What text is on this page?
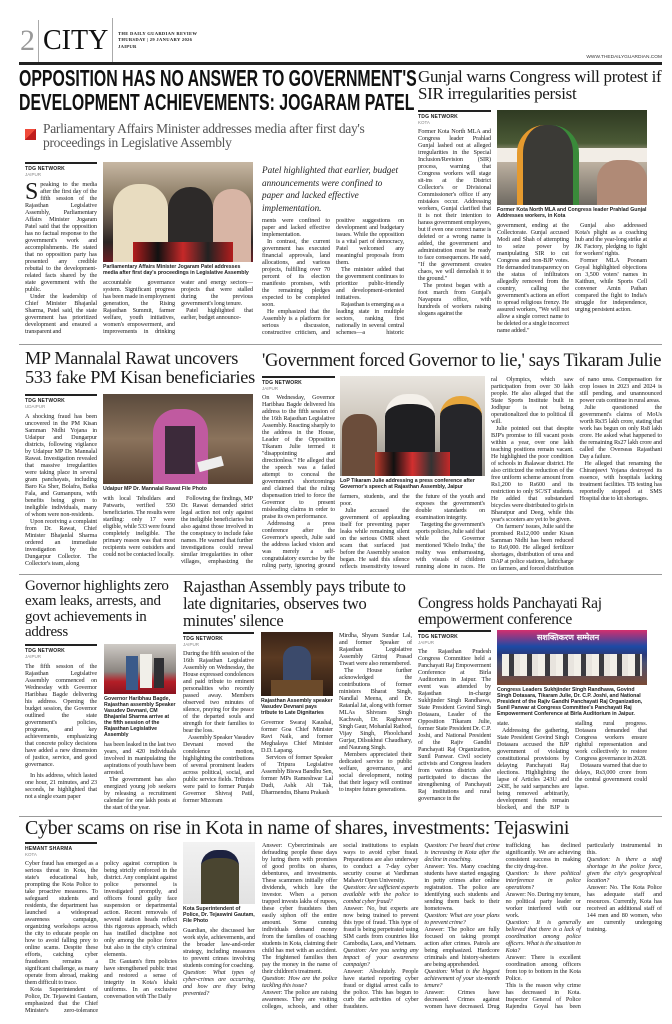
2 CITY THE DAILY GUARDIAN REVIEW
THURSDAY | 29 JANUARY 2026
JAIPUR
WWW.THEDAILYGUARDIAN.COM
OPPOSITION HAS NO ANSWER TO GOVERNMENT'S
DEVELOPMENT ACHIEVEMENTS: JOGARAM PATEL
Parliamentary Affairs Minister addresses media after first day's proceedings in Legislative Assembly
TDG NETWORK
JAIPUR

Speaking to the media after the first day of the fifth session of the Rajasthan Legislative Assembly, Parliamentary Affairs Minister Jogaram Patel said that the opposition has no factual response to the government's work and accomplishments. He stated that no opposition party has presented any credible rebuttal to the development-related facts shared by the state government with the public.

Under the leadership of Chief Minister Bhajanlal Sharma, Patel said, the state government has prioritized development and ensured a transparent and

Parliamentary Affairs Minister Jogaram Patel addresses media after first day's proceedings in Legislative Assembly

accountable governance system. Significant progress has been made in employment generation, the Rising Rajasthan Summit, farmer welfare, youth initiatives, women's empowerment, and improvements in drinking water and energy sectors—projects that were stalled during the previous government's long tenure.

Patel highlighted that earlier, budget announce-

Patel highlighted that earlier, budget announcements were confined to paper and lacked effective implementation.

ments were confined to paper and lacked effective implementation.

In contrast, the current government has executed financial approvals, land allocations, and various projects, fulfilling over 70 percent of its election manifesto promises, with the remaining pledges expected to be completed soon.

He emphasized that the Assembly is a platform for serious discussion, constructive criticism, and positive suggestions on development and budgetary issues. While the opposition is a vital part of democracy, Patel welcomed any meaningful proposals from them.

The minister added that the government continues to prioritize public-friendly and development-oriented initiatives.

Rajasthan is emerging as a leading state in multiple sectors, ranking first nationally in several central schemes—a historic

Gunjal warns Congress will protest if SIR irregularities persist
TDG NETWORK
KOTA

Former Kota North MLA and Congress leader Prahlad Gunjal lashed out at alleged irregularities in the Special Inclusion/Revision (SIR) process, warning that Congress workers will stage sit-ins at the District Collector's or Divisional Commissioner's office if any mistakes occur. Addressing workers, Gunjal clarified that it is not their intention to harass government employees, but if even one correct name is deleted or a wrong name is added, the government and administration must be ready to face consequences. He said, "If the government creates chaos, we will demolish it to the ground."

The protest began with a foot march from Gunjal's Nayapura office, with hundreds of workers raising slogans against the

Former Kota North MLA and Congress leader Prahlad Gunjal Addresses workers, in Kota

government, ending at the Collectorate. Gunjal accused Modi and Shah of attempting to seize power by manipulating SIR to cut Congress and non-BJP votes. He demanded transparency on the status of infiltrators allegedly removed from the country, calling the government's actions an effort to spread religious frenzy. He assured workers, "We will not allow a single correct name to be deleted or a single incorrect name added."

Gunjal also addressed Kota's plight as a coaching hub and the year-long strike at JK Factory, pledging to fight for workers' rights.

Former MLA Poonam Goyal highlighted objections on 3,500 voters' names in Kaithun, while Sports Cell convener Amin Pathan compared the fight to India's struggle for independence, urging persistent action.

MP Mannalal Rawat uncovers 533 fake PM Kisan beneficiaries
TDG NETWORK
UDAIPUR

A shocking fraud has been uncovered in the PM Kisan Samman Nidhi Yojana in Udaipur and Dungarpur districts, following vigilance by Udaipur MP Dr. Mannalal Rawat. Investigation revealed that massive irregularities were taking place in several gram panchayats, including Baro Ka Sher, Bolafra, Batka Fala, and Gumanpura, with benefits being given to ineligible individuals, many of whom were non-residents.

Upon receiving a complaint from Dr. Rawat, Chief Minister Bhajanlal Sharma ordered an immediate investigation by the Dungarpur Collector. The Collector's team, along

Udaipur MP Dr. Mannalal Rawat File Photo

with local Tehsildars and Patwaris, verified 550 beneficiaries. The results were startling: only 17 were eligible, while 533 were found completely ineligible. The primary reason was that most recipients were outsiders and could not be contacted locally.

Following the findings, MP Dr. Rawat demanded strict legal action not only against the ineligible beneficiaries but also against those involved in the conspiracy to include fake names. He warned that further investigations could reveal similar irregularities in other villages, emphasizing the

'Government forced Governor to lie,' says Tikaram Julie
TDG NETWORK
JAIPUR

On Wednesday, Governor Haribhau Bagde delivered his address to the fifth session of the 16th Rajasthan Legislative Assembly. Reacting sharply to the address in the House, Leader of the Opposition Tikaram Julie termed it "disappointing and directionless." He alleged that the speech was a failed attempt to conceal the government's shortcomings and claimed that the ruling dispensation tried to force the Governor to present misleading claims in order to praise its own performance.

Addressing a press conference after the Governor's speech, Julie said the address lacked vision and was merely a self-congratulatory exercise by the ruling party, ignoring ground

LoP Tikaram Julie addressing a press conference after Governor's speech at Rajasthan Assembly, Jaipur

farmers, students, and the poor.

Julie accused the government of applauding itself for preventing paper leaks while remaining silent on the serious OMR sheet scam that surfaced just before the Assembly session began. He said this silence reflects insensitivity toward the future of the youth and exposes the government's double standards on examination integrity.

Targeting the government's sports policies, Julie said that while the Governor mentioned 'Khelo India,' the reality was embarrassing, with visuals of children running alone in races. He

ral Olympics, which saw participation from over 30 lakh people. He also alleged that the State Sports Institute built in Jodhpur is not being operationalized due to political ill will.

Julie pointed out that despite BJP's promise to fill vacant posts within a year, over one lakh teaching positions remain vacant. He highlighted the poor condition of schools in Jhalawar district. He also criticized the reduction of the free uniform scheme amount from Rs1,200 to Rs600 and its restriction to only SC/ST students. He added that substandard bicycles were distributed to girls in Bharatpur and Deeg, while this year's scooters are yet to be given.

On farmers' issues, Julie said the promised Rs12,000 under Kisan Samman Nidhi has been reduced to Rs9,000. He alleged fertilizer shortages, distribution of urea and DAP at police stations, lathicharge on farmers, and forced distribution of nano urea. Compensation for crop losses in 2023 and 2024 is still pending, and unannounced power cuts continue in rural areas.

Julie questioned the government's claims of MoUs worth Rs35 lakh crore, stating that work has begun on only Rs8 lakh crore. He asked what happened to the remaining Rs27 lakh crore and called the Overseas Rajasthani Day a failure.

He alleged that renaming the Chiranjeevi Yojana destroyed its essence, with hospitals lacking treatment facilities. TB testing has reportedly stopped at SMS Hospital due to kit shortages.

Governor highlights zero exam leaks, arrests, and govt achievements in address
TDG NETWORK
JAIPUR

The fifth session of the Rajasthan Legislative Assembly commenced on Wednesday with Governor Haribhau Bagde delivering his address. Opening the budget session, the Governor outlined the state government's policies, programs, and key achievements, emphasizing that concrete policy decisions have added a new dimension of justice, service, and good governance.

In his address, which lasted one hour, 21 minutes, and 23 seconds, he highlighted that not a single exam paper

Governor Haribhau Bagde, Rajasthan assembly Speaker Vasudev Devnani, CM Bhajanlal Sharma arrive at the fifth session of the Rajasthan Legislative Assembly

has been leaked in the last two years, and 420 individuals involved in manipulating the aspirations of youth have been arrested.

The government has also energized young job seekers by releasing a recruitment calendar for one lakh posts at the start of the year.

Rajasthan Assembly pays tribute to late dignitaries, observes two minutes' silence
TDG NETWORK
JAIPUR

During the fifth session of the 16th Rajasthan Legislative Assembly on Wednesday, the House expressed condolences and paid tribute to eminent personalities who recently passed away. Members observed two minutes of silence, praying for the peace of the departed souls and strength for their families to bear the loss.

Assembly Speaker Vasudev Devnani moved the condolence motion, highlighting the contributions of several prominent leaders across political, social, and public service fields. Tributes were paid to former Punjab Governor Shivraj Patil, former Mizoram

Rajasthan Assembly speaker Vasudev Devnani pays tribute to Late Dignitaries

Governor Swaraj Kaushal, former Goa Chief Minister Ravi Naik, and former Meghalaya Chief Minister D.D. Lapang.

Services of former Speaker of Tripura Legislative Assembly Biswa Bandhu Sen, former MPs Rameshwar Lal Dudi, Ashk Ali Tak, Dharmendra, Bhanu Prakash

Mirdha, Shyam Sundar Lal, and former Speaker of Rajasthan Legislative Assembly Giriraj Prasad Tiwari were also remembered.

The House further acknowledged the contributions of former ministers Bharat Singh, Nandlal Meena, and Dr. Ratanlal Jat, along with former MLAs Shivram Singh Kachwah, Dr. Raghuveer Singh Gaur, Mohanlal Rathod, Vijay Singh, Phoolchand Gurjar, Dilsukhrai Chaudhary, and Naurang Singh.

Members appreciated their dedicated service to public welfare, governance, and social development, noting that their legacy will continue to inspire future generations.

Congress holds Panchayati Raj empowerment conference
TDG NETWORK
JAIPUR

The Rajasthan Pradesh Congress Committee held a Panchayati Raj Empowerment Conference at Birla Auditorium in Jaipur. The event was attended by Rajasthan in-charge Sukhjinder Singh Randhawa, State President Govind Singh Dotasara, Leader of the Opposition Tikaram Julie, former State President Dr. C.P. Joshi, and National President of the Rajiv Gandhi Panchayati Raj Organization, Sunil Panwar. Civil society activists and Congress leaders from various districts also participated to discuss the strengthening of Panchayati Raj institutions and rural governance in the

सशक्तिकरण सम्मेलन
Congress Leaders Sukhjinder Singh Randhawa, Govind Singh Dotasara, Tikaram Julie, Dr. C.P. Joshi, and National President of the Rajiv Gandhi Panchayati Raj Organization, Sunil Panwar at Congress Committee's Panchayati Raj Empowerment Conference at Birla Auditorium in Jaipur.

state.

Addressing the gathering, State President Govind Singh Dotasara accused the BJP government of violating constitutional provisions by delaying Panchayati Raj elections. Highlighting the lapse of Articles 243U and 243E, he said sarpanches are being removed arbitrarily, development funds remain blocked, and the BJP is stalling rural progress. Dotasara demanded that Congress workers ensure rightful representation and work collectively to restore Congress governance in 2028.

Dotasara warned that due to delays, Rs3,000 crore from the central government could lapse.

Cyber scams on rise in Kota in name of shares, investments: Tejaswini
HEMANT SHARMA
KOTA

Cyber fraud has emerged as a serious threat in Kota, the state's educational hub, prompting the Kota Police to take proactive measures. To safeguard students and residents, the department has launched a widespread awareness campaign, organizing workshops across the city to educate people on how to avoid falling prey to online scams. Despite these efforts, catching cyber fraudsters remains a significant challenge, as many operate from abroad, making them difficult to trace.

Kota Superintendent of Police, Dr. Tejaswini Gautam, emphasized that the Chief Minister's zero-tolerance policy against corruption is being strictly enforced in the district. Any complaint against police personnel is investigated promptly, and officers found guilty face suspension or departmental action. Recent removals of several station heads reflect this rigorous approach, which has instilled discipline not only among the police force but also in the city's criminal elements.

Dr. Gautam's firm policies have strengthened public trust and restored a sense of integrity in Kota's khaki uniforms. In an exclusive conversation with The Daily

Kota Superintendent of Police, Dr. Tejaswini Gautam, File Photo

Guardian, she discussed her work style, achievements, and the broader law-and-order strategy, including measures to prevent crimes involving students coming for coaching.

Question: What types of cyber-crimes are occurring, and how are they being prevented?

Answer: Cybercriminals are defrauding people these days by luring them with promises of good profits on shares, debentures, and investments. These scammers initially offer dividends, which lure the investor. When a person trapped invests lakhs of rupees, these cyber fraudsters then easily siphon off the entire amount. Some cunning individuals demand money from the families of coaching students in Kota, claiming their child has met with an accident. The frightened families then pay the money in the name of their children's treatment.

Question: How are the police tackling this issue?

Answer: The police are raising awareness. They are visiting colleges, schools, and other social institutions to explain ways to avoid cyber fraud. Preparations are also underway to conduct a 7-day cyber security course at Vardhman Mahavir Open University.

Question: Are sufficient experts available with the police to combat cyber fraud?

Answer: No, but experts are now being trained to prevent this type of fraud. This type of fraud is being perpetrated using SIM cards from countries like Cambodia, Laos, and Vietnam.

Question: Are you seeing any impact of your awareness campaign?

Answer: Absolutely. People have started reporting cyber fraud or digital arrest calls to the police. This has begun to curb the activities of cyber fraudsters.

Question: I've heard that crime is increasing in Kota after the decline in coaching.

Answer: Yes. Many coaching students have started engaging in petty crimes after online registration. The police are identifying such students and sending them back to their hometowns.

Question: What are your plans to prevent crime?

Answer: The police are fully focused on taking prompt action after crimes. Patrols are being emphasized. Hardcore criminals and history-sheeters are being apprehended.

Question: What is the biggest achievement of your six-month tenure?

Answer: Crimes have decreased. Crimes against women have decreased. Drug trafficking has declined significantly. We are achieving consistent success in making the city drug-free.

Question: Is there political interference in police operations?

Answer: No. During my tenure, no political party leader or worker interfered with our work.

Question: It is generally believed that there is a lack of coordination among police officers. What is the situation in Kota?

Answer: There is excellent coordination among officers from top to bottom in the Kota Police.

This is the reason why crime has decreased in Kota. Inspector General of Police Rajendra Goyal has been particularly instrumental in this.

Question: Is there a staff shortage in the police force, given the city's geographical location?

Answer: No. The Kota Police has adequate staff and resources. Currently, Kota has received an additional staff of 144 men and 80 women, who are currently undergoing training.
